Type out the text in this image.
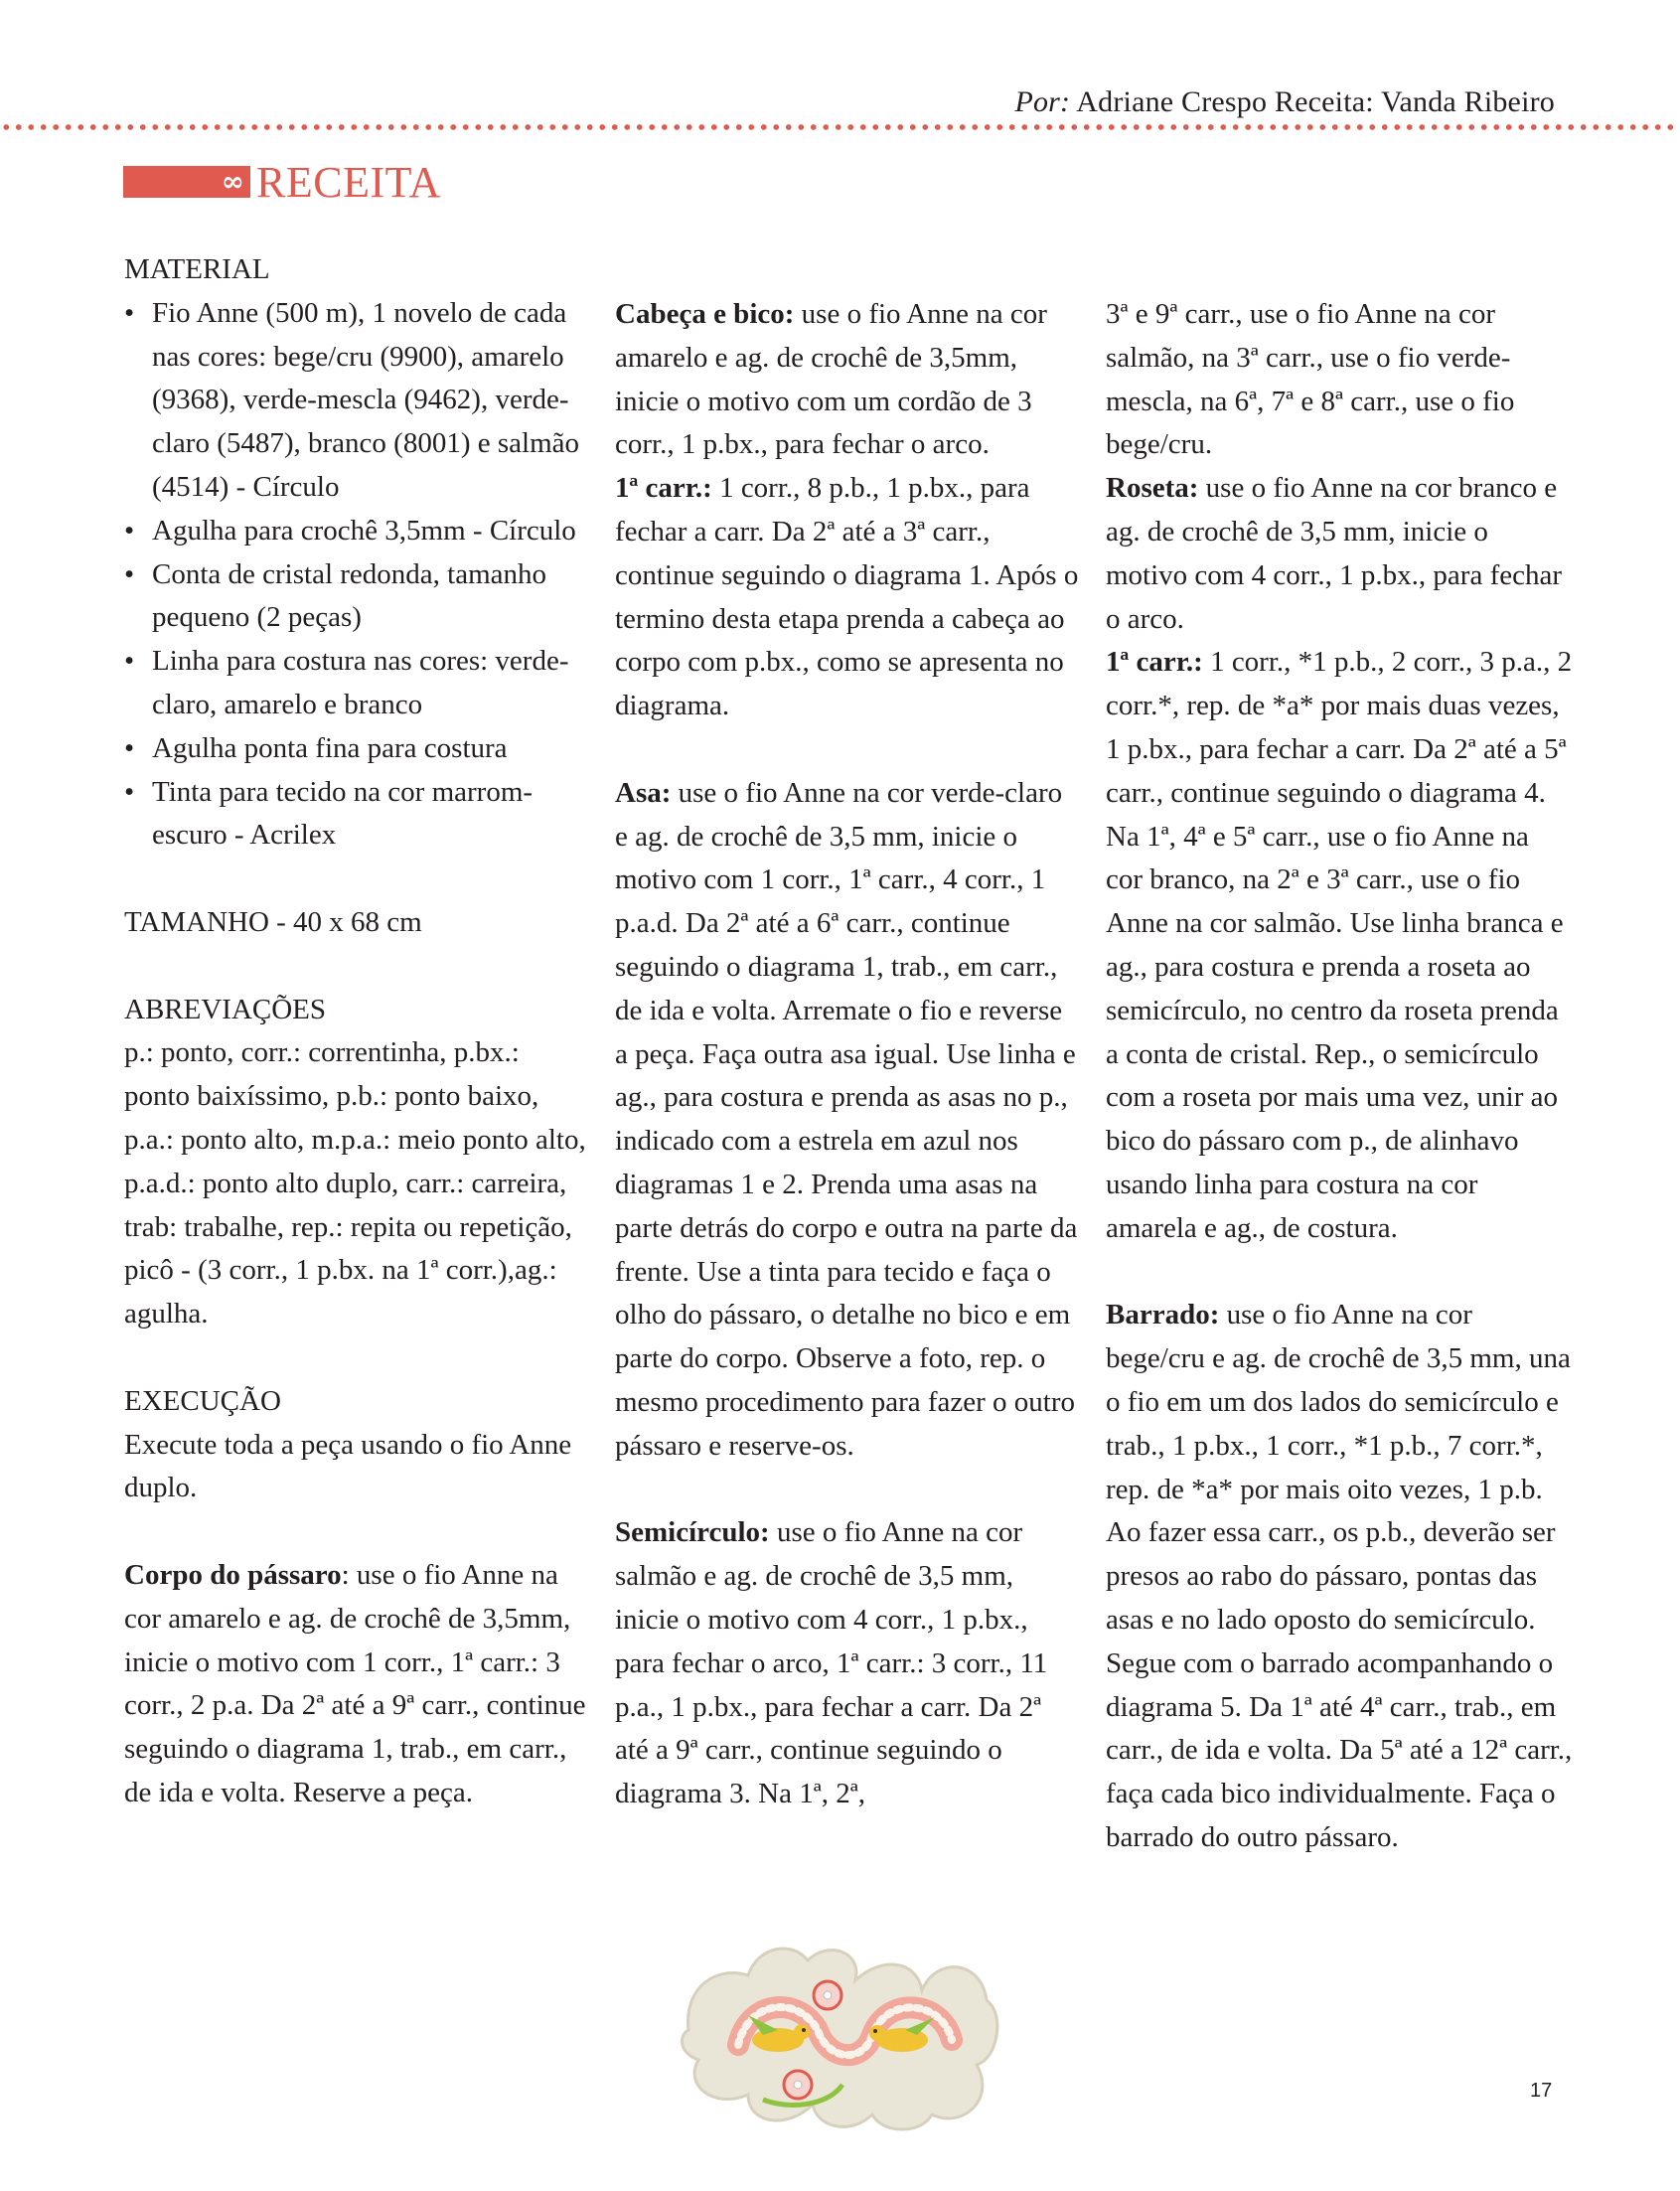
Por: Adriane Crespo Receita: Vanda Ribeiro
∞ RECEITA

MATERIAL

• Fio Anne (500 m), 1 novelo de cada nas cores: bege/cru (9900), amarelo (9368), verde-mescla (9462), verde-claro (5487), branco (8001) e salmão (4514) - Círculo
• Agulha para crochê 3,5mm - Círculo
• Conta de cristal redonda, tamanho pequeno (2 peças)
• Linha para costura nas cores: verde-claro, amarelo e branco
• Agulha ponta fina para costura
• Tinta para tecido na cor marrom-escuro - Acrilex

TAMANHO - 40 x 68 cm

ABREVIAÇÕES

p.: ponto, corr.: correntinha, p.bx.: ponto baixíssimo, p.b.: ponto baixo, p.a.: ponto alto, m.p.a.: meio ponto alto, p.a.d.: ponto alto duplo, carr.: carreira, trab: trabalhe, rep.: repita ou repetição, picô - (3 corr., 1 p.bx. na 1ª corr.),ag.: agulha.

EXECUÇÃO

Execute toda a peça usando o fio Anne duplo.

Corpo do pássaro: use o fio Anne na cor amarelo e ag. de crochê de 3,5mm, inicie o motivo com 1 corr., 1ª carr.: 3 corr., 2 p.a. Da 2ª até a 9ª carr., continue seguindo o diagrama 1, trab., em carr., de ida e volta. Reserve a peça.

Cabeça e bico: use o fio Anne na cor amarelo e ag. de crochê de 3,5mm, inicie o motivo com um cordão de 3 corr., 1 p.bx., para fechar o arco.

1ª carr.: 1 corr., 8 p.b., 1 p.bx., para fechar a carr. Da 2ª até a 3ª carr., continue seguindo o diagrama 1. Após o termino desta etapa prenda a cabeça ao corpo com p.bx., como se apresenta no diagrama.

Asa: use o fio Anne na cor verde-claro e ag. de crochê de 3,5 mm, inicie o motivo com 1 corr., 1ª carr., 4 corr., 1 p.a.d. Da 2ª até a 6ª carr., continue seguindo o diagrama 1, trab., em carr., de ida e volta. Arremate o fio e reverse a peça. Faça outra asa igual. Use linha e ag., para costura e prenda as asas no p., indicado com a estrela em azul nos diagramas 1 e 2. Prenda uma asas na parte detrás do corpo e outra na parte da frente. Use a tinta para tecido e faça o olho do pássaro, o detalhe no bico e em parte do corpo. Observe a foto, rep. o mesmo procedimento para fazer o outro pássaro e reserve-os.

Semicírculo: use o fio Anne na cor salmão e ag. de crochê de 3,5 mm, inicie o motivo com 4 corr., 1 p.bx., para fechar o arco, 1ª carr.: 3 corr., 11 p.a., 1 p.bx., para fechar a carr. Da 2ª até a 9ª carr., continue seguindo o diagrama 3. Na 1ª, 2ª,

3ª e 9ª carr., use o fio Anne na cor salmão, na 3ª carr., use o fio verde-mescla, na 6ª, 7ª e 8ª carr., use o fio bege/cru.

Roseta: use o fio Anne na cor branco e ag. de crochê de 3,5 mm, inicie o motivo com 4 corr., 1 p.bx., para fechar o arco.

1ª carr.: 1 corr., *1 p.b., 2 corr., 3 p.a., 2 corr.*, rep. de *a* por mais duas vezes, 1 p.bx., para fechar a carr. Da 2ª até a 5ª carr., continue seguindo o diagrama 4. Na 1ª, 4ª e 5ª carr., use o fio Anne na cor branco, na 2ª e 3ª carr., use o fio Anne na cor salmão. Use linha branca e ag., para costura e prenda a roseta ao semicírculo, no centro da roseta prenda a conta de cristal. Rep., o semicírculo com a roseta por mais uma vez, unir ao bico do pássaro com p., de alinhavo usando linha para costura na cor amarela e ag., de costura.

Barrado: use o fio Anne na cor bege/cru e ag. de crochê de 3,5 mm, una o fio em um dos lados do semicírculo e trab., 1 p.bx., 1 corr., *1 p.b., 7 corr.*, rep. de *a* por mais oito vezes, 1 p.b. Ao fazer essa carr., os p.b., deverão ser presos ao rabo do pássaro, pontas das asas e no lado oposto do semicírculo. Segue com o barrado acompanhando o diagrama 5. Da 1ª até 4ª carr., trab., em carr., de ida e volta. Da 5ª até a 12ª carr., faça cada bico individualmente. Faça o barrado do outro pássaro.

17
